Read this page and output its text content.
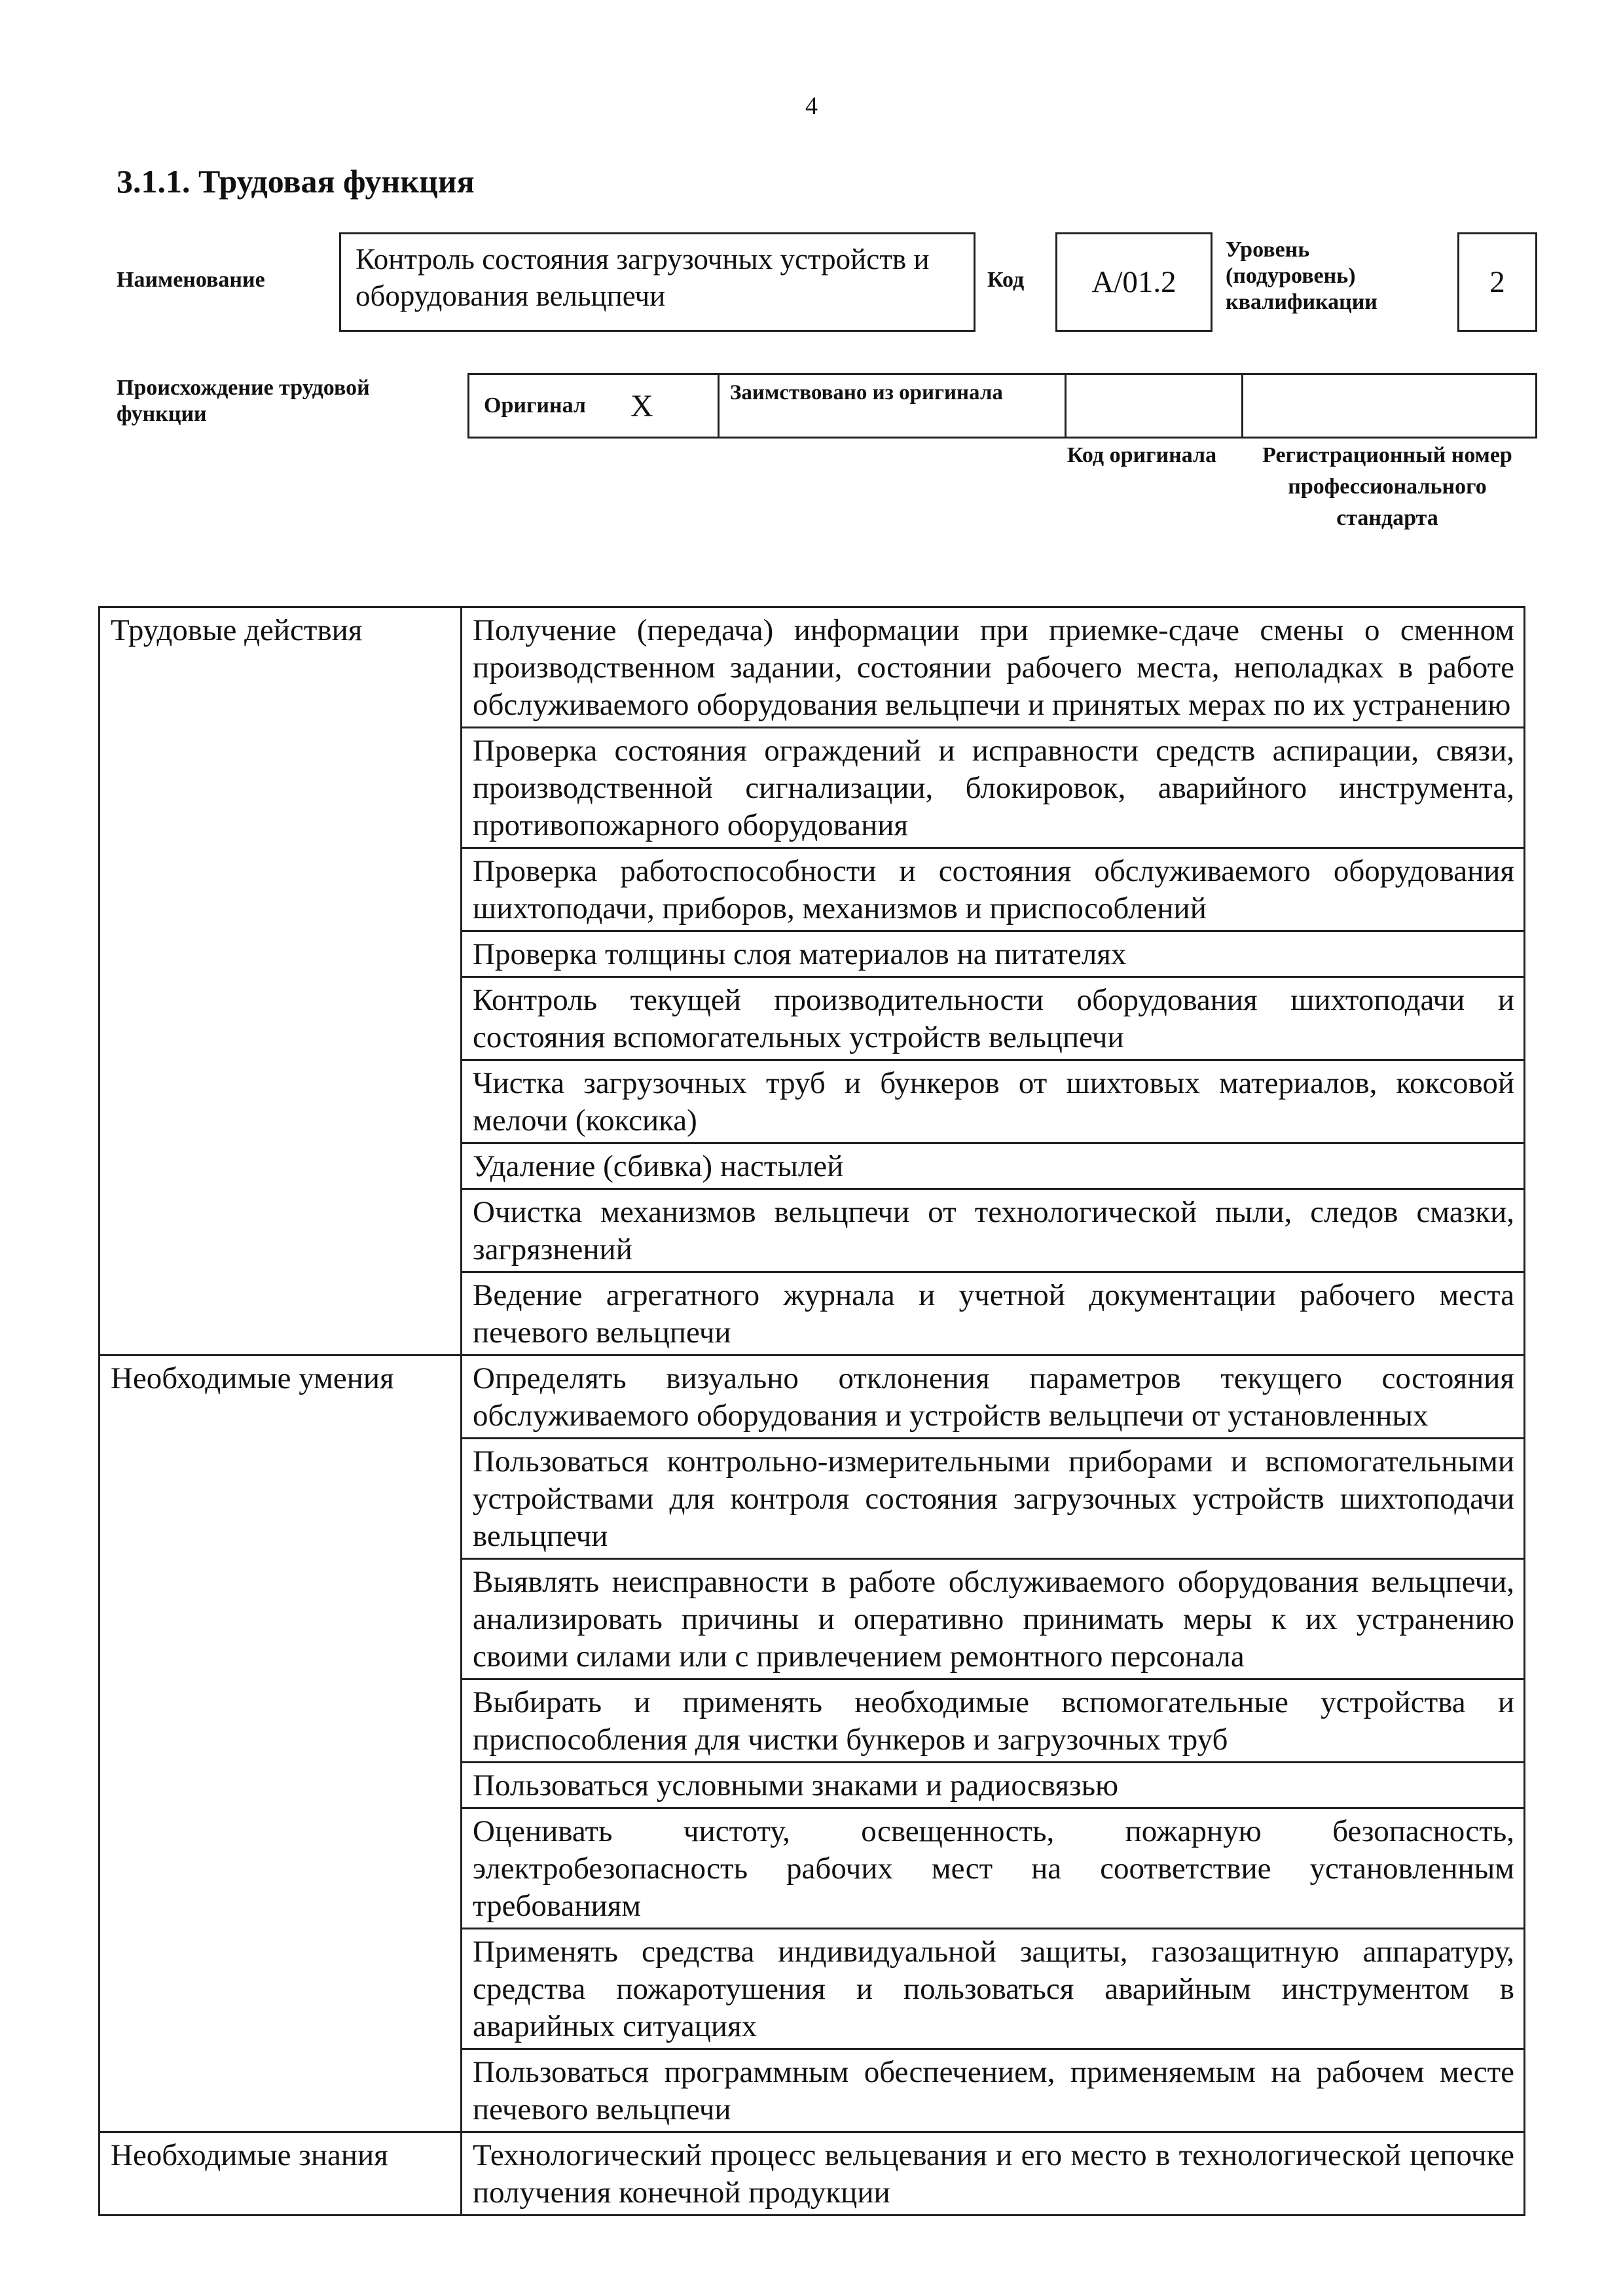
4
3.1.1. Трудовая функция
Наименование
Контроль состояния загрузочных устройств и оборудования вельцпечи	Код	А/01.2
Уровень (подуровень) квалификации
2
Происхождение трудовой функции	Оригинал X	Заимствовано из оригинала
Код оригинала	Регистрационный номер профессионального стандарта
Трудовые действия	Получение (передача) информации при приемке-сдаче смены о сменном производственном задании, состоянии рабочего места, неполадках в работе обслуживаемого оборудования вельцпечи и принятых мерах по их устранению
	Проверка состояния ограждений и исправности средств аспирации, связи, производственной сигнализации, блокировок, аварийного инструмента, противопожарного оборудования
	Проверка работоспособности и состояния обслуживаемого оборудования шихтоподачи, приборов, механизмов и приспособлений
	Проверка толщины слоя материалов на питателях
	Контроль текущей производительности оборудования шихтоподачи и состояния вспомогательных устройств вельцпечи
	Чистка загрузочных труб и бункеров от шихтовых материалов, коксовой мелочи (коксика)
	Удаление (сбивка) настылей
	Очистка механизмов вельцпечи от технологической пыли, следов смазки, загрязнений
	Ведение агрегатного журнала и учетной документации рабочего места печевого вельцпечи
Необходимые умения	Определять визуально отклонения параметров текущего состояния обслуживаемого оборудования и устройств вельцпечи от установленных
	Пользоваться контрольно-измерительными приборами и вспомогательными устройствами для контроля состояния загрузочных устройств шихтоподачи вельцпечи
	Выявлять неисправности в работе обслуживаемого оборудования вельцпечи, анализировать причины и оперативно принимать меры к их устранению своими силами или с привлечением ремонтного персонала
	Выбирать и применять необходимые вспомогательные устройства и приспособления для чистки бункеров и загрузочных труб
	Пользоваться условными знаками и радиосвязью
	Оценивать чистоту, освещенность, пожарную безопасность, электробезопасность рабочих мест на соответствие установленным требованиям
	Применять средства индивидуальной защиты, газозащитную аппаратуру, средства пожаротушения и пользоваться аварийным инструментом в аварийных ситуациях
	Пользоваться программным обеспечением, применяемым на рабочем месте печевого вельцпечи
Необходимые знания	Технологический процесс вельцевания и его место в технологической цепочке получения конечной продукции
